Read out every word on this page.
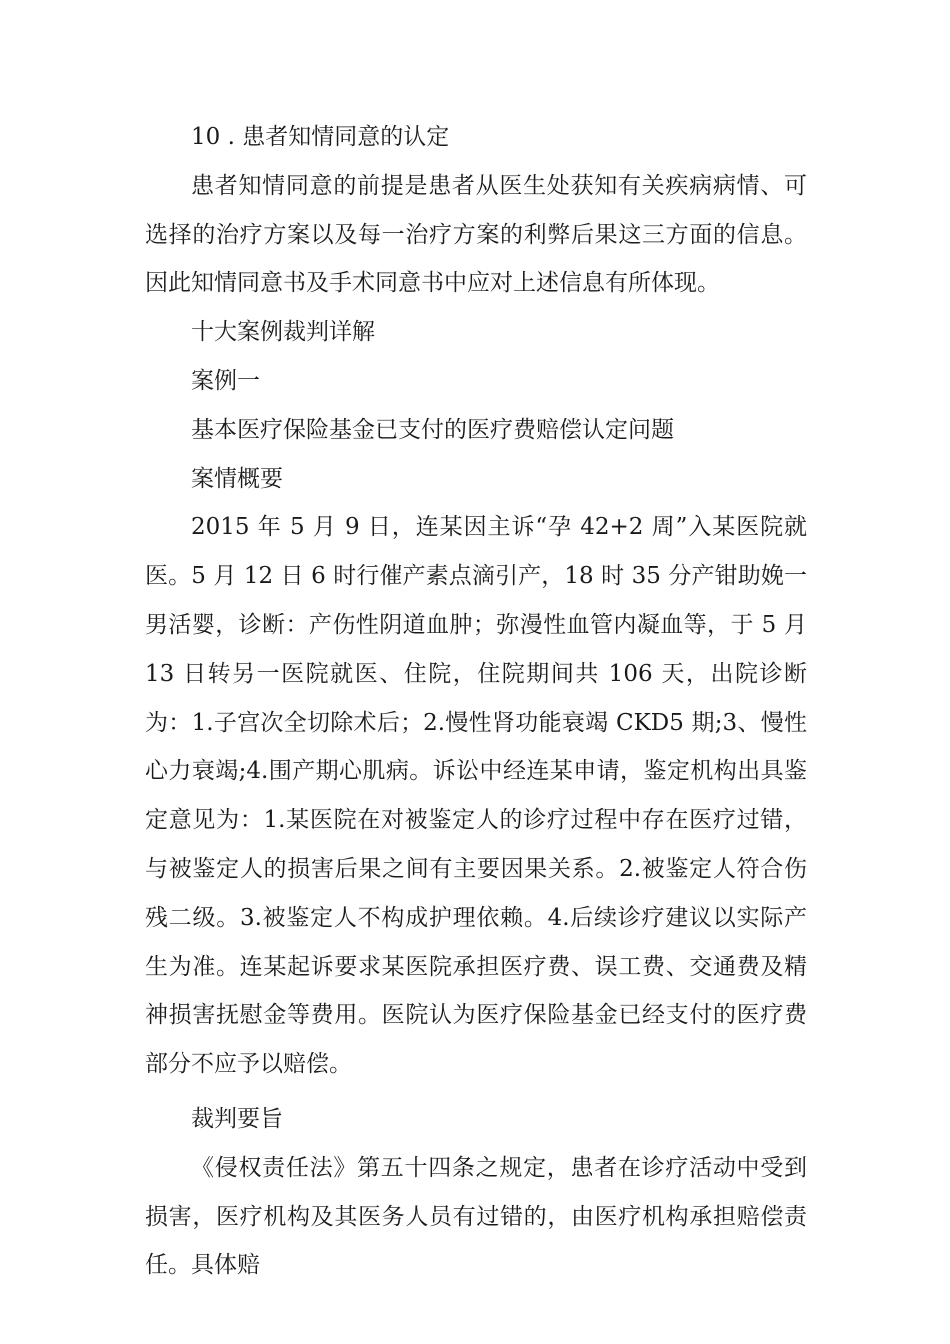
10 . 患者知情同意的认定
患者知情同意的前提是患者从医生处获知有关疾病病情、可选择的治疗方案以及每一治疗方案的利弊后果这三方面的信息。因此知情同意书及手术同意书中应对上述信息有所体现。
十大案例裁判详解
案例一
基本医疗保险基金已支付的医疗费赔偿认定问题
案情概要
2015 年 5 月 9 日，连某因主诉“孕 42+2 周”入某医院就医。5 月 12 日 6 时行催产素点滴引产，18 时 35 分产钳助娩一男活婴，诊断：产伤性阴道血肿；弥漫性血管内凝血等，于 5 月 13 日转另一医院就医、住院，住院期间共 106 天，出院诊断为：1.子宫次全切除术后；2.慢性肾功能衰竭 CKD5 期;3、慢性心力衰竭;4.围产期心肌病。诉讼中经连某申请，鉴定机构出具鉴定意见为：1.某医院在对被鉴定人的诊疗过程中存在医疗过错，与被鉴定人的损害后果之间有主要因果关系。2.被鉴定人符合伤残二级。3.被鉴定人不构成护理依赖。4.后续诊疗建议以实际产生为准。连某起诉要求某医院承担医疗费、误工费、交通费及精神损害抚慰金等费用。医院认为医疗保险基金已经支付的医疗费部分不应予以赔偿。
裁判要旨
《侵权责任法》第五十四条之规定，患者在诊疗活动中受到损害，医疗机构及其医务人员有过错的，由医疗机构承担赔偿责任。具体赔
